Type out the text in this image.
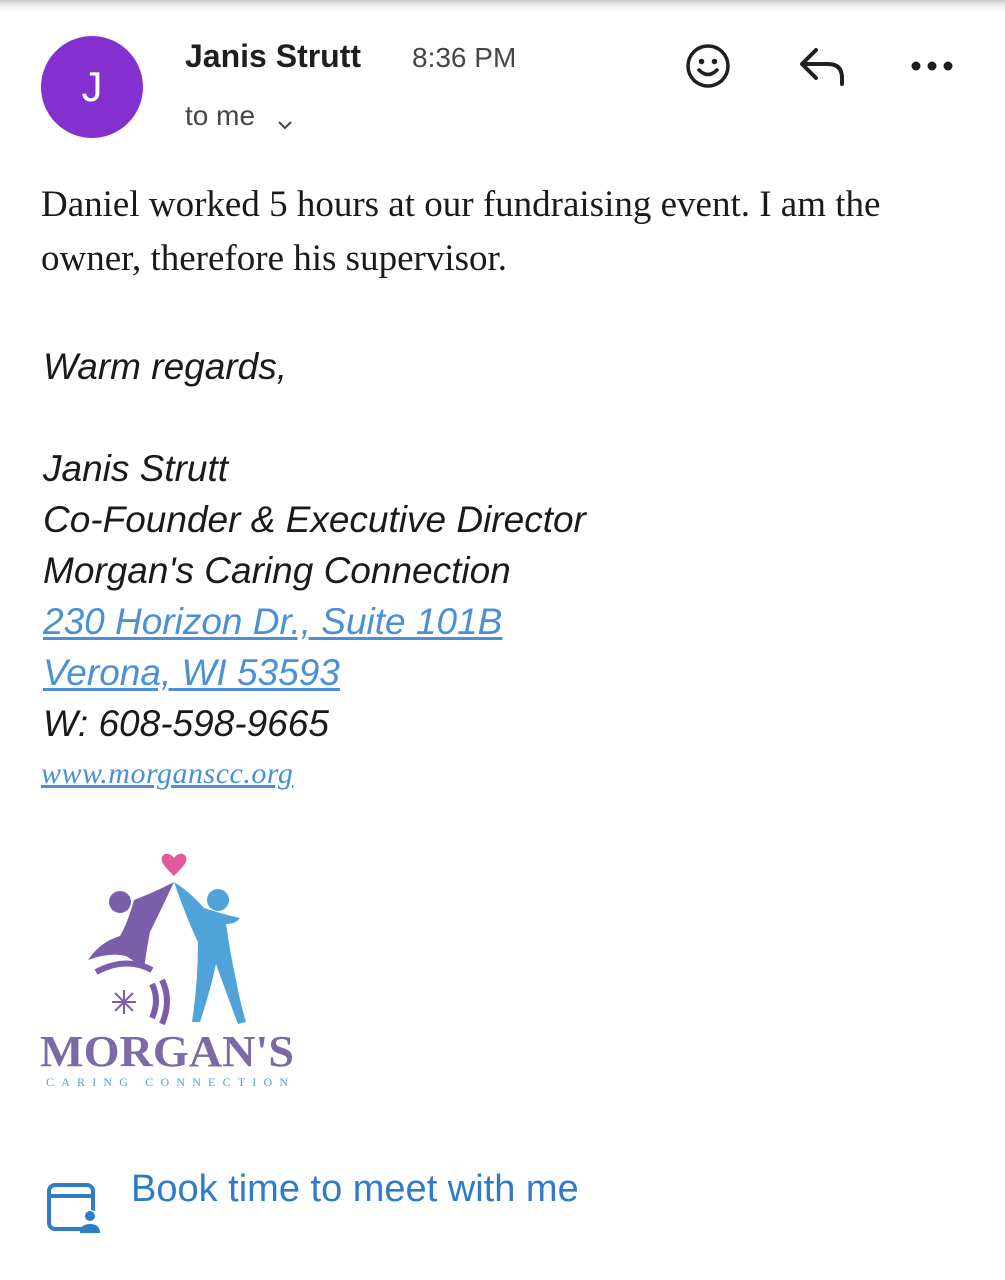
J
Janis Strutt 8:36 PM
to me

Daniel worked 5 hours at our fundraising event. I am the owner, therefore his supervisor.

Warm regards,
Janis Strutt
Co-Founder & Executive Director
Morgan's Caring Connection
230 Horizon Dr., Suite 101B
Verona, WI 53593
W: 608-598-9665
www.morganscc.org
MORGAN'S
CARING CONNECTION
Book time to meet with me
